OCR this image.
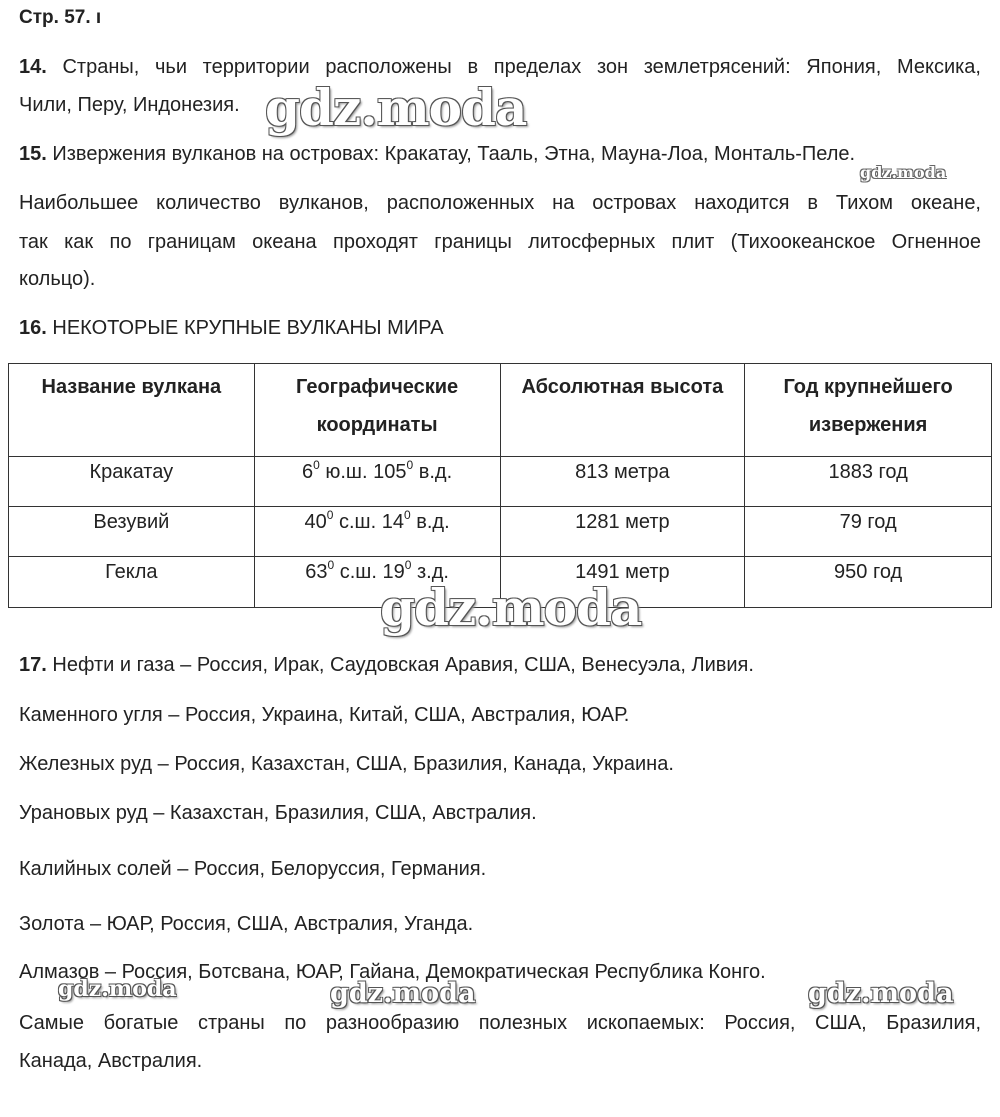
Стр. 57. ı
14. Страны, чьи территории расположены в пределах зон землетрясений: Япония, Мексика,
Чили, Перу, Индонезия.
15. Извержения вулканов на островах: Кракатау, Тааль, Этна, Мауна-Лоа, Монталь-Пеле.
Наибольшее количество вулканов, расположенных на островах находится в Тихом океане,
так как по границам океана проходят границы литосферных плит (Тихоокеанское Огненное
кольцо).
16. НЕКОТОРЫЕ КРУПНЫЕ ВУЛКАНЫ МИРА
Название вулкана	Географические координаты	Абсолютная высота	Год крупнейшего извержения
Кракатау	$6^0$ ю.ш. $105^0$ в.д.	813 метра	1883 год
Везувий	$40^0$ с.ш. $14^0$ в.д.	1281 метр	79 год
Гекла	$63^0$ с.ш. $19^0$ з.д.	1491 метр	950 год
17. Нефти и газа – Россия, Ирак, Саудовская Аравия, США, Венесуэла, Ливия.
Каменного угля – Россия, Украина, Китай, США, Австралия, ЮАР.
Железных руд – Россия, Казахстан, США, Бразилия, Канада, Украина.
Урановых руд – Казахстан, Бразилия, США, Австралия.
Калийных солей – Россия, Белоруссия, Германия.
Золота – ЮАР, Россия, США, Австралия, Уганда.
Алмазов – Россия, Ботсвана, ЮАР, Гайана, Демократическая Республика Конго.
Самые богатые страны по разнообразию полезных ископаемых: Россия, США, Бразилия,
Канада, Австралия.
gdz.moda
gdz.moda
gdz.moda
gdz.moda	gdz.moda	gdz.moda
